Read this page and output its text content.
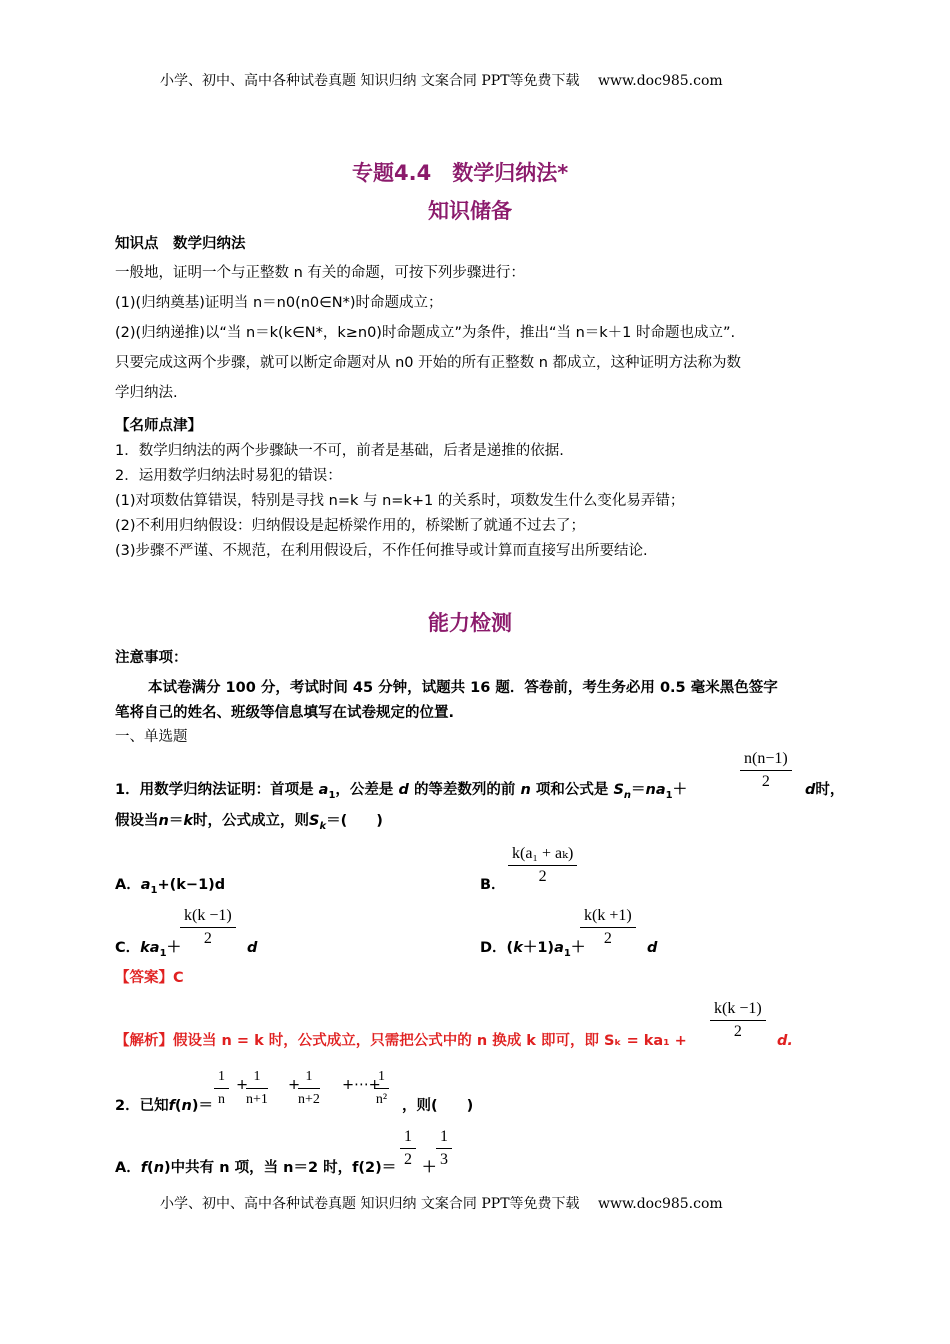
小学、初中、高中各种试卷真题 知识归纳 文案合同 PPT等免费下载　 www.doc985.com
专题4.4　数学归纳法*
知识储备
知识点　数学归纳法
一般地，证明一个与正整数 n 有关的命题，可按下列步骤进行：
(1)(归纳奠基)证明当 n＝n0(n0∈N*)时命题成立；
(2)(归纳递推)以“当 n＝k(k∈N*，k≥n0)时命题成立”为条件，推出“当 n＝k＋1 时命题也成立”.
只要完成这两个步骤，就可以断定命题对从 n0 开始的所有正整数 n 都成立，这种证明方法称为数
学归纳法.
【名师点津】
1．数学归纳法的两个步骤缺一不可，前者是基础，后者是递推的依据.
2．运用数学归纳法时易犯的错误：
(1)对项数估算错误，特别是寻找 n=k 与 n=k+1 的关系时，项数发生什么变化易弄错；
(2)不利用归纳假设：归纳假设是起桥梁作用的，桥梁断了就通不过去了；
(3)步骤不严谨、不规范，在利用假设后，不作任何推导或计算而直接写出所要结论.
能力检测
注意事项：
本试卷满分 100 分，考试时间 45 分钟，试题共 16 题．答卷前，考生务必用 0.5 毫米黑色签字
笔将自己的姓名、班级等信息填写在试卷规定的位置.
一、单选题
1．用数学归纳法证明：首项是 $a_1$，公差是 d 的等差数列的前 n 项和公式是 $S_n=na_1+$	$\frac{n(n-1)}{2}$ d时，
假设当n＝k时，公式成立，则$S_k=$(　　)
A．$a_1+(k-1)d$	B． $\frac{\text{k(a₁ + aₖ)}}{2}$
C．$ka_1+$
$\frac{k(k -1)}{2}$ d	D．$(k+1)a_1+$
$\frac{k(k +1)}{2}$ d
【答案】C
【解析】假设当 n = k 时，公式成立，只需把公式中的 n 换成 k 即可，即 $S_k = ka_1 + \frac{k(k -1)}{2} d$.
2．已知$f(n)= \frac{1}{n}$ +
$\frac{1}{n+1}$ +
$\frac{1}{n+2}$ +⋯+
$\frac{1}{\text{n²}}$ ，则(　　)
A．f(n)中共有 n 项，当 n＝2 时，$f(2)= \frac{1}{2} + \frac{1}{3}$
小学、初中、高中各种试卷真题 知识归纳 文案合同 PPT等免费下载　 www.doc985.com
